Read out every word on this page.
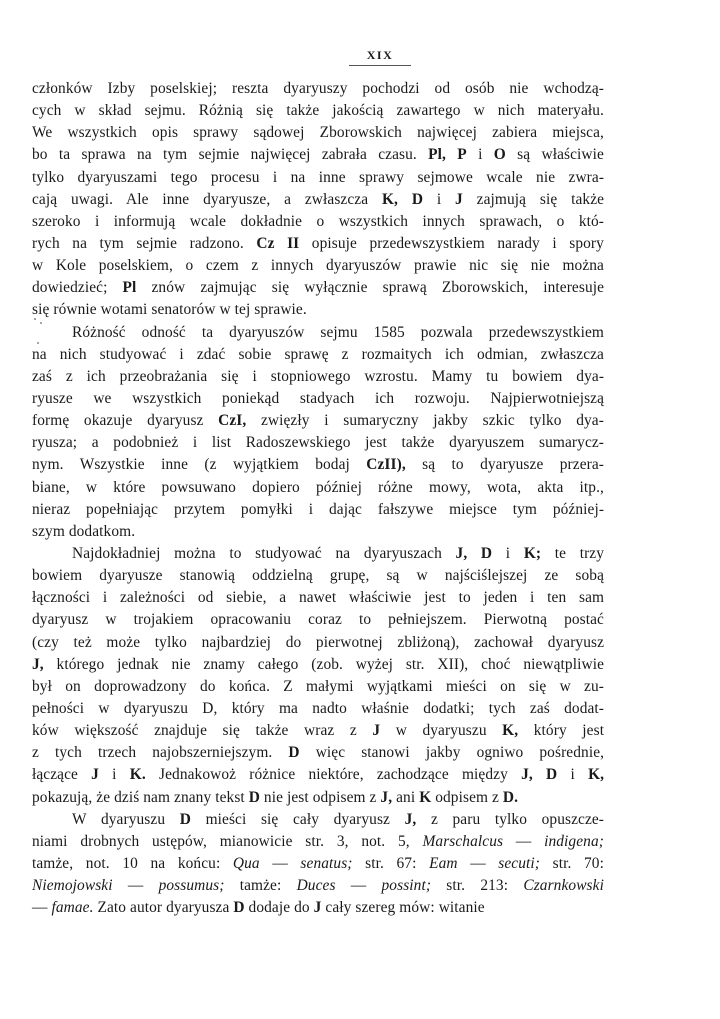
XIX
członków Izby poselskiej; reszta dyaryuszy pochodzi od osób nie wchodzą-
cych w skład sejmu. Różnią się także jakością zawartego w nich materyału.
We wszystkich opis sprawy sądowej Zborowskich najwięcej zabiera miejsca,
bo ta sprawa na tym sejmie najwięcej zabrała czasu. Pl, P i O są właściwie
tylko dyaryuszami tego procesu i na inne sprawy sejmowe wcale nie zwra-
cają uwagi. Ale inne dyaryusze, a zwłaszcza K, D i J zajmują się także
szeroko i informują wcale dokładnie o wszystkich innych sprawach, o któ-
rych na tym sejmie radzono. Cz II opisuje przedewszystkiem narady i spory
w Kole poselskiem, o czem z innych dyaryuszów prawie nic się nie można
dowiedzieć; Pl znów zajmując się wyłącznie sprawą Zborowskich, interesuje
się równie wotami senatorów w tej sprawie.
Różność odność ta dyaryuszów sejmu 1585 pozwala przedewszystkiem
na nich studyować i zdać sobie sprawę z rozmaitych ich odmian, zwłaszcza
zaś z ich przeobrażania się i stopniowego wzrostu. Mamy tu bowiem dya-
ryusze we wszystkich poniekąd stadyach ich rozwoju. Najpierwotniejszą
formę okazuje dyaryusz CzI, zwięzły i sumaryczny jakby szkic tylko dya-
ryusza; a podobnież i list Radoszewskiego jest także dyaryuszem sumarycz-
nym. Wszystkie inne (z wyjątkiem bodaj CzII), są to dyaryusze przera-
biane, w które powsuwano dopiero później różne mowy, wota, akta itp.,
nieraz popełniając przytem pomyłki i dając fałszywe miejsce tym później-
szym dodatkom.
Najdokładniej można to studyować na dyaryuszach J, D i K; te trzy
bowiem dyaryusze stanowią oddzielną grupę, są w najściślejszej ze sobą
łączności i zależności od siebie, a nawet właściwie jest to jeden i ten sam
dyaryusz w trojakiem opracowaniu coraz to pełniejszem. Pierwotną postać
(czy też może tylko najbardziej do pierwotnej zbliżoną), zachował dyaryusz
J, którego jednak nie znamy całego (zob. wyżej str. XII), choć niewątpliwie
był on doprowadzony do końca. Z małymi wyjątkami mieści on się w zu-
pełności w dyaryuszu D, który ma nadto właśnie dodatki; tych zaś dodat-
ków większość znajduje się także wraz z J w dyaryuszu K, który jest
z tych trzech najobszerniejszym. D więc stanowi jakby ogniwo pośrednie,
łączące J i K. Jednakowoż różnice niektóre, zachodzące między J, D i K,
pokazują, że dziś nam znany tekst D nie jest odpisem z J, ani K odpisem z D.
W dyaryuszu D mieści się cały dyaryusz J, z paru tylko opuszcze-
niami drobnych ustępów, mianowicie str. 3, not. 5, Marschalcus — indigena;
tamże, not. 10 na końcu: Qua — senatus; str. 67: Eam — secuti; str. 70:
Niemojowski — possumus; tamże: Duces — possint; str. 213: Czarnkowski
— famae. Zato autor dyaryusza D dodaje do J cały szereg mów: witanie
